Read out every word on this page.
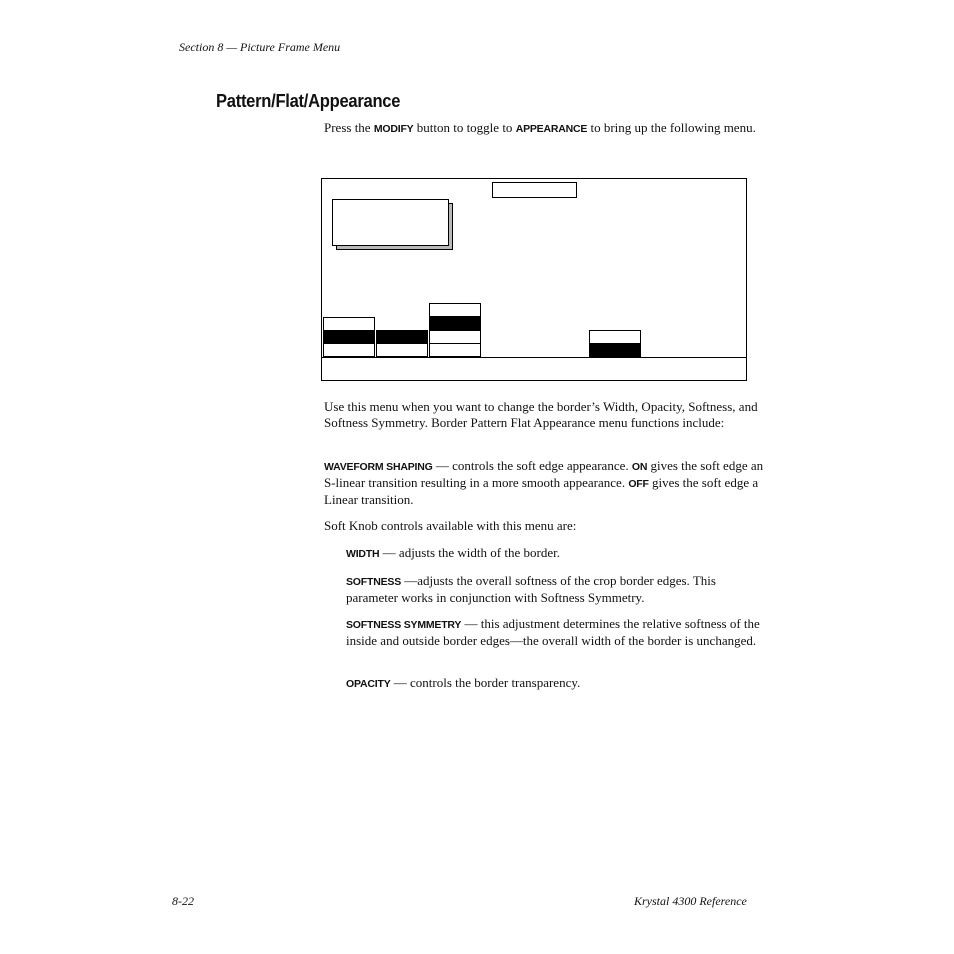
Section 8 — Picture Frame Menu
Pattern/Flat/Appearance
Press the MODIFY button to toggle to APPEARANCE to bring up the following menu.
Use this menu when you want to change the border’s Width, Opacity, Softness, and Softness Symmetry. Border Pattern Flat Appearance menu functions include:
WAVEFORM SHAPING — controls the soft edge appearance. ON gives the soft edge an S-linear transition resulting in a more smooth appearance. OFF gives the soft edge a Linear transition.
Soft Knob controls available with this menu are:
WIDTH — adjusts the width of the border.
SOFTNESS —adjusts the overall softness of the crop border edges. This parameter works in conjunction with Softness Symmetry.
SOFTNESS SYMMETRY — this adjustment determines the relative softness of the inside and outside border edges—the overall width of the border is unchanged.
OPACITY — controls the border transparency.
8-22	Krystal 4300 Reference
